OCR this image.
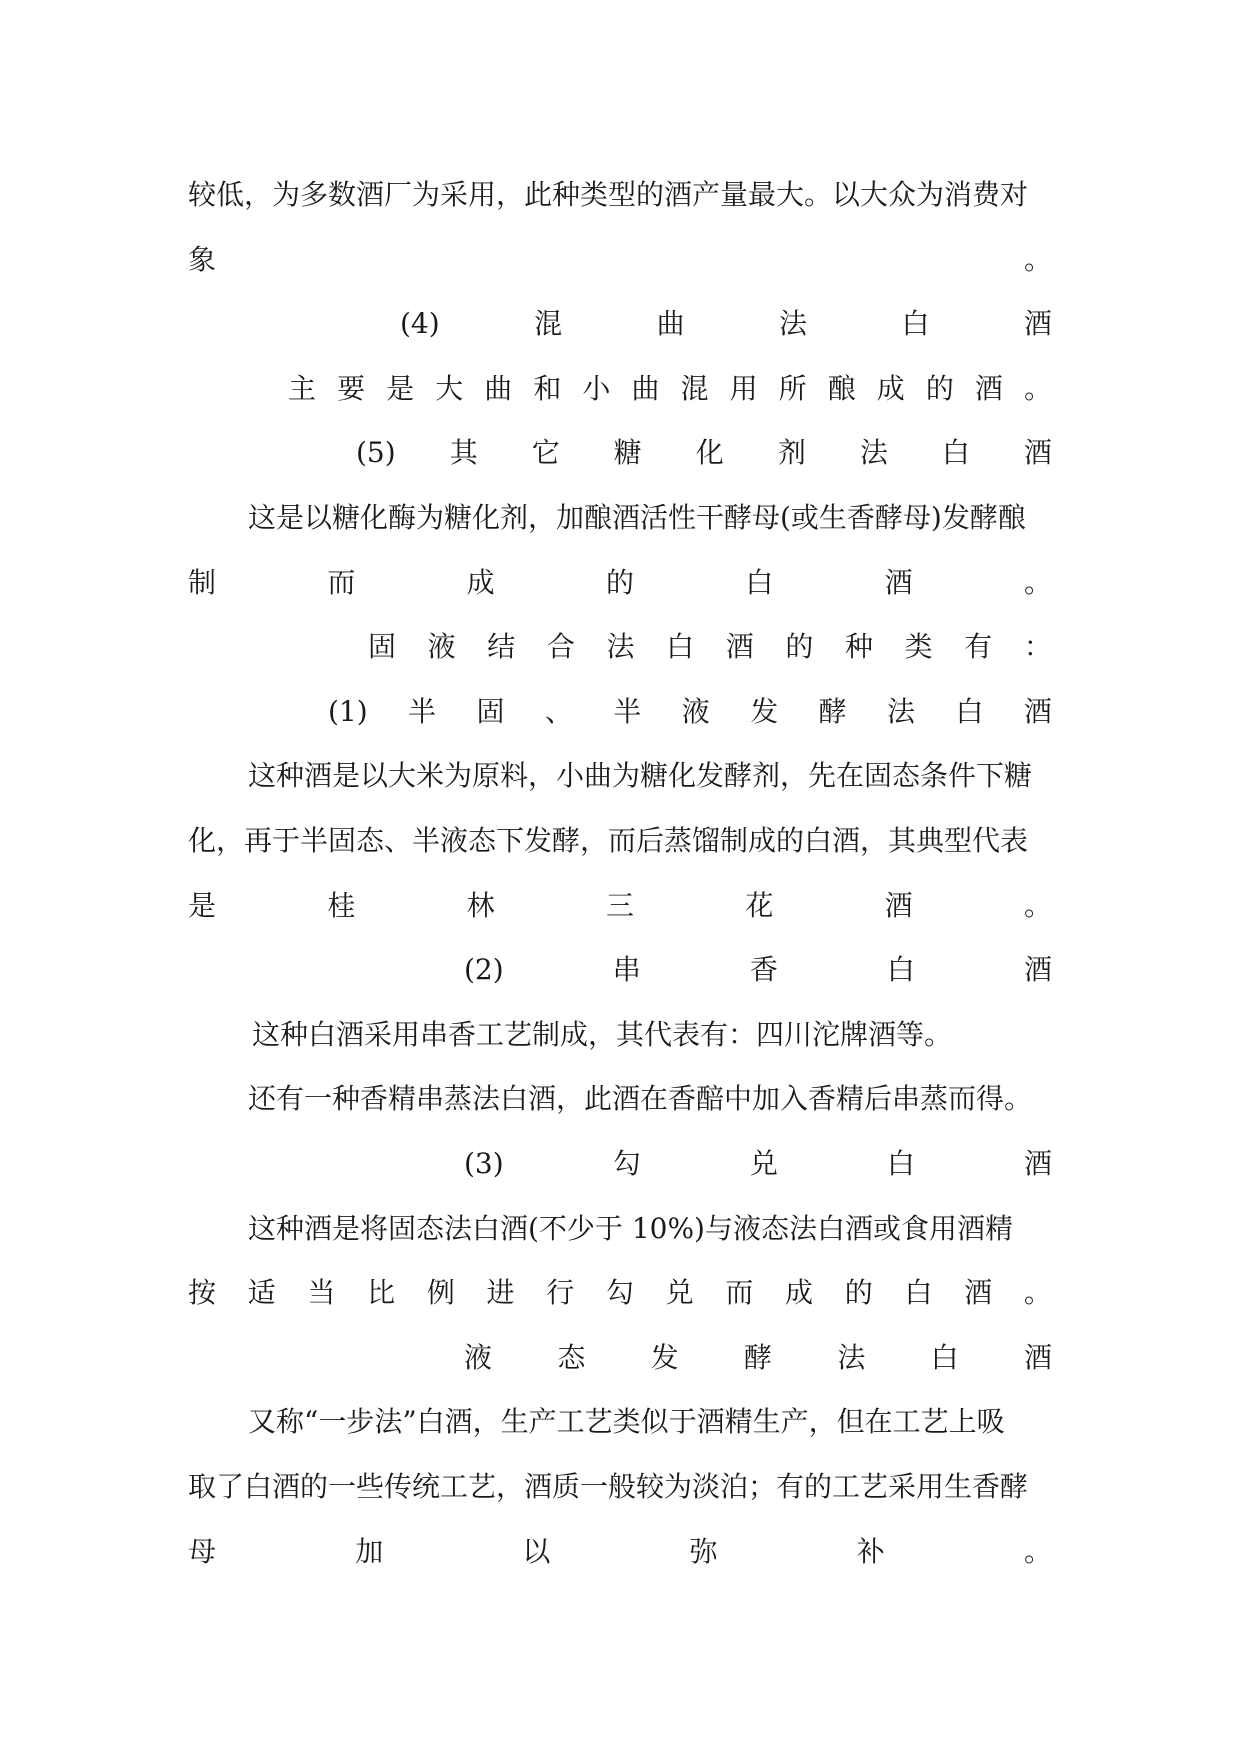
较低，为多数酒厂为采用，此种类型的酒产量最大。以大众为消费对
象	。
(4)	混	曲	法	白	酒
主 要 是 大 曲 和 小 曲 混 用 所 酿 成 的 酒 。
(5) 其 它 糖 化 剂 法 白 酒
这是以糖化酶为糖化剂，加酿酒活性干酵母(或生香酵母)发酵酿
制	而	成	的	白	酒	。
固 液 结 合 法 白 酒 的 种 类 有 ：
(1) 半 固 、 半 液 发 酵 法 白 酒
这种酒是以大米为原料，小曲为糖化发酵剂，先在固态条件下糖
化，再于半固态、半液态下发酵，而后蒸馏制成的白酒，其典型代表
是	桂	林	三	花	酒	。
(2)	串	香	白	酒
这种白酒采用串香工艺制成，其代表有：四川沱牌酒等。
还有一种香精串蒸法白酒，此酒在香醅中加入香精后串蒸而得。
(3)	勾	兑	白	酒
这种酒是将固态法白酒(不少于 10%)与液态法白酒或食用酒精
按 适 当 比 例 进 行 勾 兑 而 成 的 白 酒 。
液 态 发 酵 法 白 酒
又称“一步法”白酒，生产工艺类似于酒精生产，但在工艺上吸
取了白酒的一些传统工艺，酒质一般较为淡泊；有的工艺采用生香酵
母	加	以	弥	补	。
